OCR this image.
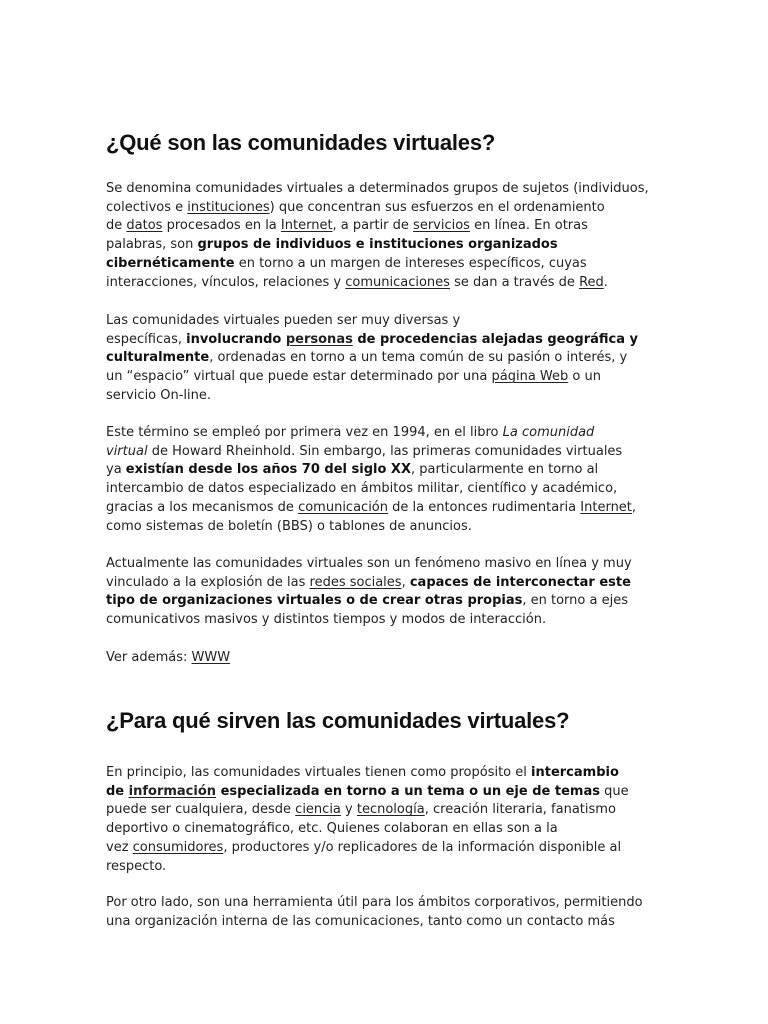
¿Qué son las comunidades virtuales?

Se denomina comunidades virtuales a determinados grupos de sujetos (individuos,
colectivos e instituciones) que concentran sus esfuerzos en el ordenamiento
de datos procesados en la Internet, a partir de servicios en línea. En otras
palabras, son grupos de individuos e instituciones organizados
cibernéticamente en torno a un margen de intereses específicos, cuyas
interacciones, vínculos, relaciones y comunicaciones se dan a través de Red.

Las comunidades virtuales pueden ser muy diversas y
específicas, involucrando personas de procedencias alejadas geográfica y
culturalmente, ordenadas en torno a un tema común de su pasión o interés, y
un “espacio” virtual que puede estar determinado por una página Web o un
servicio On-line.

Este término se empleó por primera vez en 1994, en el libro La comunidad
virtual de Howard Rheinhold. Sin embargo, las primeras comunidades virtuales
ya existían desde los años 70 del siglo XX, particularmente en torno al
intercambio de datos especializado en ámbitos militar, científico y académico,
gracias a los mecanismos de comunicación de la entonces rudimentaria Internet,
como sistemas de boletín (BBS) o tablones de anuncios.

Actualmente las comunidades virtuales son un fenómeno masivo en línea y muy
vinculado a la explosión de las redes sociales, capaces de interconectar este
tipo de organizaciones virtuales o de crear otras propias, en torno a ejes
comunicativos masivos y distintos tiempos y modos de interacción.

Ver además: WWW

¿Para qué sirven las comunidades virtuales?

En principio, las comunidades virtuales tienen como propósito el intercambio
de información especializada en torno a un tema o un eje de temas que
puede ser cualquiera, desde ciencia y tecnología, creación literaria, fanatismo
deportivo o cinematográfico, etc. Quienes colaboran en ellas son a la
vez consumidores, productores y/o replicadores de la información disponible al
respecto.

Por otro lado, son una herramienta útil para los ámbitos corporativos, permitiendo
una organización interna de las comunicaciones, tanto como un contacto más
